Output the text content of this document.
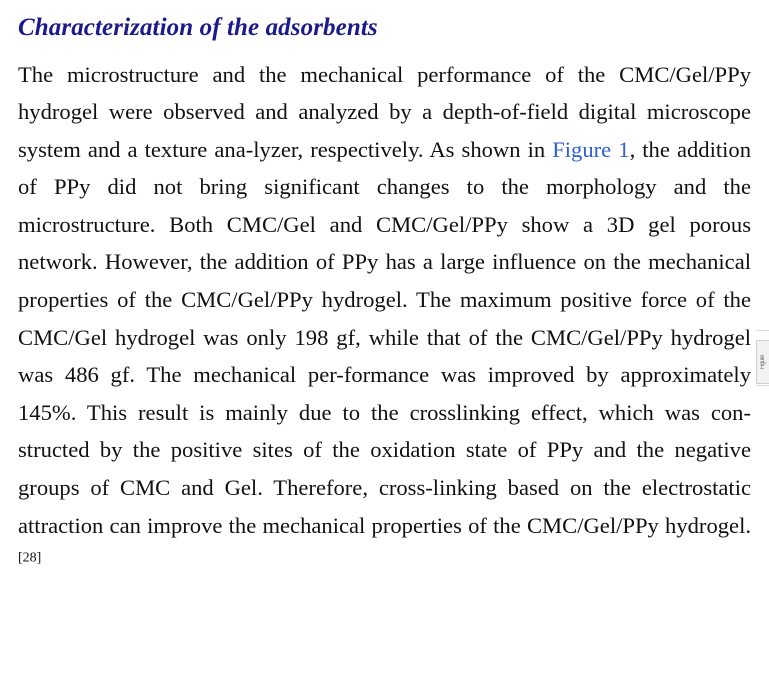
Characterization of the adsorbents

The microstructure and the mechanical performance of the CMC/Gel/PPy hydrogel were observed and analyzed by a depth-of-field digital microscope system and a texture ana-lyzer, respectively. As shown in Figure 1, the addition of PPy did not bring significant changes to the morphology and the microstructure. Both CMC/Gel and CMC/Gel/PPy show a 3D gel porous network. However, the addition of PPy has a large influence on the mechanical properties of the CMC/Gel/PPy hydrogel. The maximum positive force of the CMC/Gel hydrogel was only 198 gf, while that of the CMC/Gel/PPy hydrogel was 486 gf. The mechanical per-formance was improved by approximately 145%. This result is mainly due to the crosslinking effect, which was con-structed by the positive sites of the oxidation state of PPy and the negative groups of CMC and Gel. Therefore, cross-linking based on the electrostatic attraction can improve the mechanical properties of the CMC/Gel/PPy hydrogel.[28]

Figure
